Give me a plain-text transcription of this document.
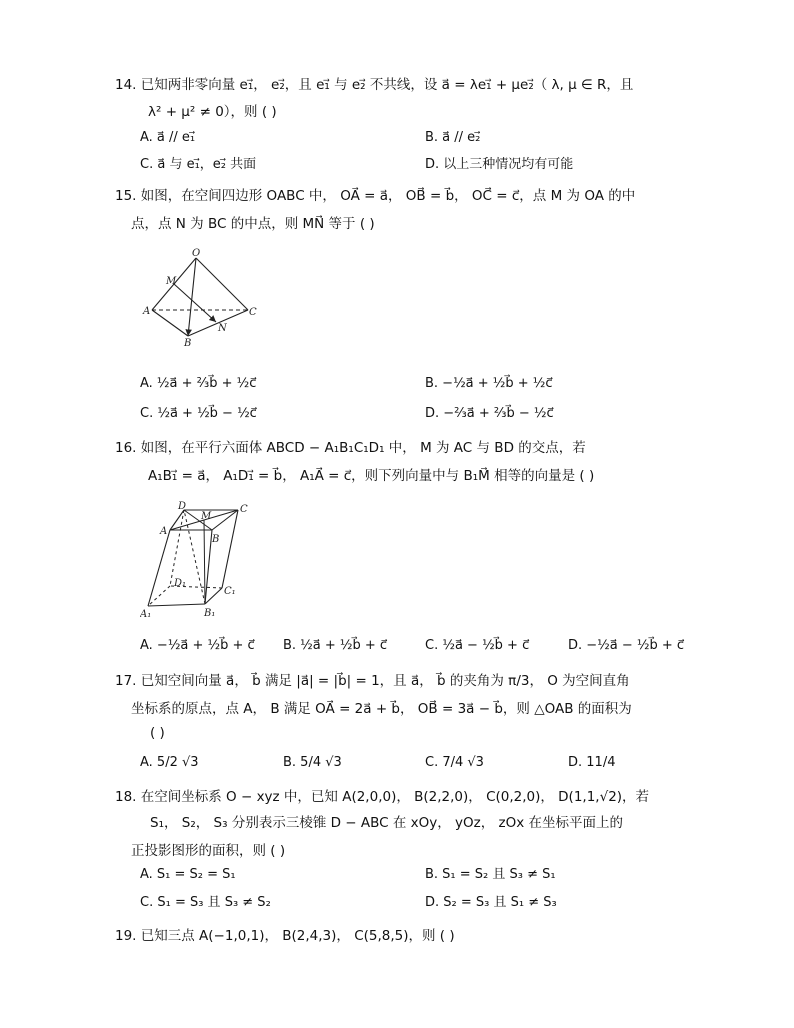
14. 已知两非零向量 e₁⃗， e₂⃗，且 e₁⃗ 与 e₂⃗ 不共线，设 a⃗ = λe₁⃗ + μe₂⃗（ λ, μ ∈ R，且
λ² + μ² ≠ 0），则 ( )
A. a⃗ // e₁⃗	B. a⃗ // e₂⃗
C. a⃗ 与 e₁⃗，e₂⃗ 共面	D. 以上三种情况均有可能
15. 如图，在空间四边形 OABC 中， OA⃗ = a⃗， OB⃗ = b⃗， OC⃗ = c⃗，点 M 为 OA 的中
点，点 N 为 BC 的中点，则 MN⃗ 等于 ( )
O
M
A
B
C
N
A. ½a⃗ + ⅔b⃗ + ½c⃗	B. −½a⃗ + ½b⃗ + ½c⃗
C. ½a⃗ + ½b⃗ − ½c⃗	D. −⅔a⃗ + ⅔b⃗ − ½c⃗
16. 如图，在平行六面体 ABCD − A₁B₁C₁D₁ 中， M 为 AC 与 BD 的交点，若
A₁B₁⃗ = a⃗， A₁D₁⃗ = b⃗， A₁A⃗ = c⃗，则下列向量中与 B₁M⃗ 相等的向量是 ( )
D
M
C
A
B
D₁
C₁
A₁	B₁
A. −½a⃗ + ½b⃗ + c⃗ B. ½a⃗ + ½b⃗ + c⃗	C. ½a⃗ − ½b⃗ + c⃗	D. −½a⃗ − ½b⃗ + c⃗
17. 已知空间向量 a⃗， b⃗ 满足 |a⃗| = |b⃗| = 1，且 a⃗， b⃗ 的夹角为 π/3， O 为空间直角
坐标系的原点，点 A， B 满足 OA⃗ = 2a⃗ + b⃗， OB⃗ = 3a⃗ − b⃗，则 △OAB 的面积为
( )
A. 5/2 √3	B. 5/4 √3	C. 7/4 √3	D. 11/4
18. 在空间坐标系 O − xyz 中，已知 A(2,0,0)， B(2,2,0)， C(0,2,0)， D(1,1,√2)，若
S₁， S₂， S₃ 分别表示三棱锥 D − ABC 在 xOy， yOz， zOx 在坐标平面上的
正投影图形的面积，则 ( )
A. S₁ = S₂ = S₁	B. S₁ = S₂ 且 S₃ ≠ S₁
C. S₁ = S₃ 且 S₃ ≠ S₂	D. S₂ = S₃ 且 S₁ ≠ S₃
19. 已知三点 A(−1,0,1)， B(2,4,3)， C(5,8,5)，则 ( )
